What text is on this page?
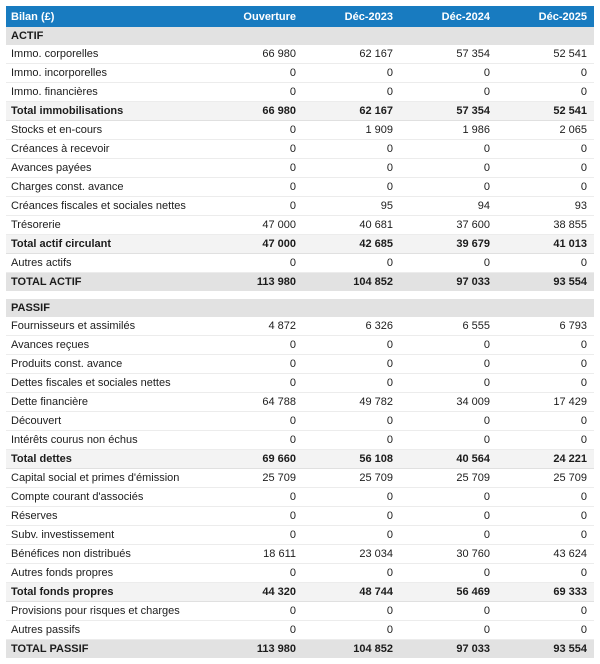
Bilan (£)	Ouverture	Déc-2023	Déc-2024	Déc-2025
ACTIF				
Immo. corporelles	66 980	62 167	57 354	52 541
Immo. incorporelles	0	0	0	0
Immo. financières	0	0	0	0
Total immobilisations	66 980	62 167	57 354	52 541
Stocks et en-cours	0	1 909	1 986	2 065
Créances à recevoir	0	0	0	0
Avances payées	0	0	0	0
Charges const. avance	0	0	0	0
Créances fiscales et sociales nettes	0	95	94	93
Trésorerie	47 000	40 681	37 600	38 855
Total actif circulant	47 000	42 685	39 679	41 013
Autres actifs	0	0	0	0
TOTAL ACTIF	113 980	104 852	97 033	93 554

PASSIF				
Fournisseurs et assimilés	4 872	6 326	6 555	6 793
Avances reçues	0	0	0	0
Produits const. avance	0	0	0	0
Dettes fiscales et sociales nettes	0	0	0	0
Dette financière	64 788	49 782	34 009	17 429
Découvert	0	0	0	0
Intérêts courus non échus	0	0	0	0
Total dettes	69 660	56 108	40 564	24 221
Capital social et primes d'émission	25 709	25 709	25 709	25 709
Compte courant d'associés	0	0	0	0
Réserves	0	0	0	0
Subv. investissement	0	0	0	0
Bénéfices non distribués	18 611	23 034	30 760	43 624
Autres fonds propres	0	0	0	0
Total fonds propres	44 320	48 744	56 469	69 333
Provisions pour risques et charges	0	0	0	0
Autres passifs	0	0	0	0
TOTAL PASSIF	113 980	104 852	97 033	93 554
